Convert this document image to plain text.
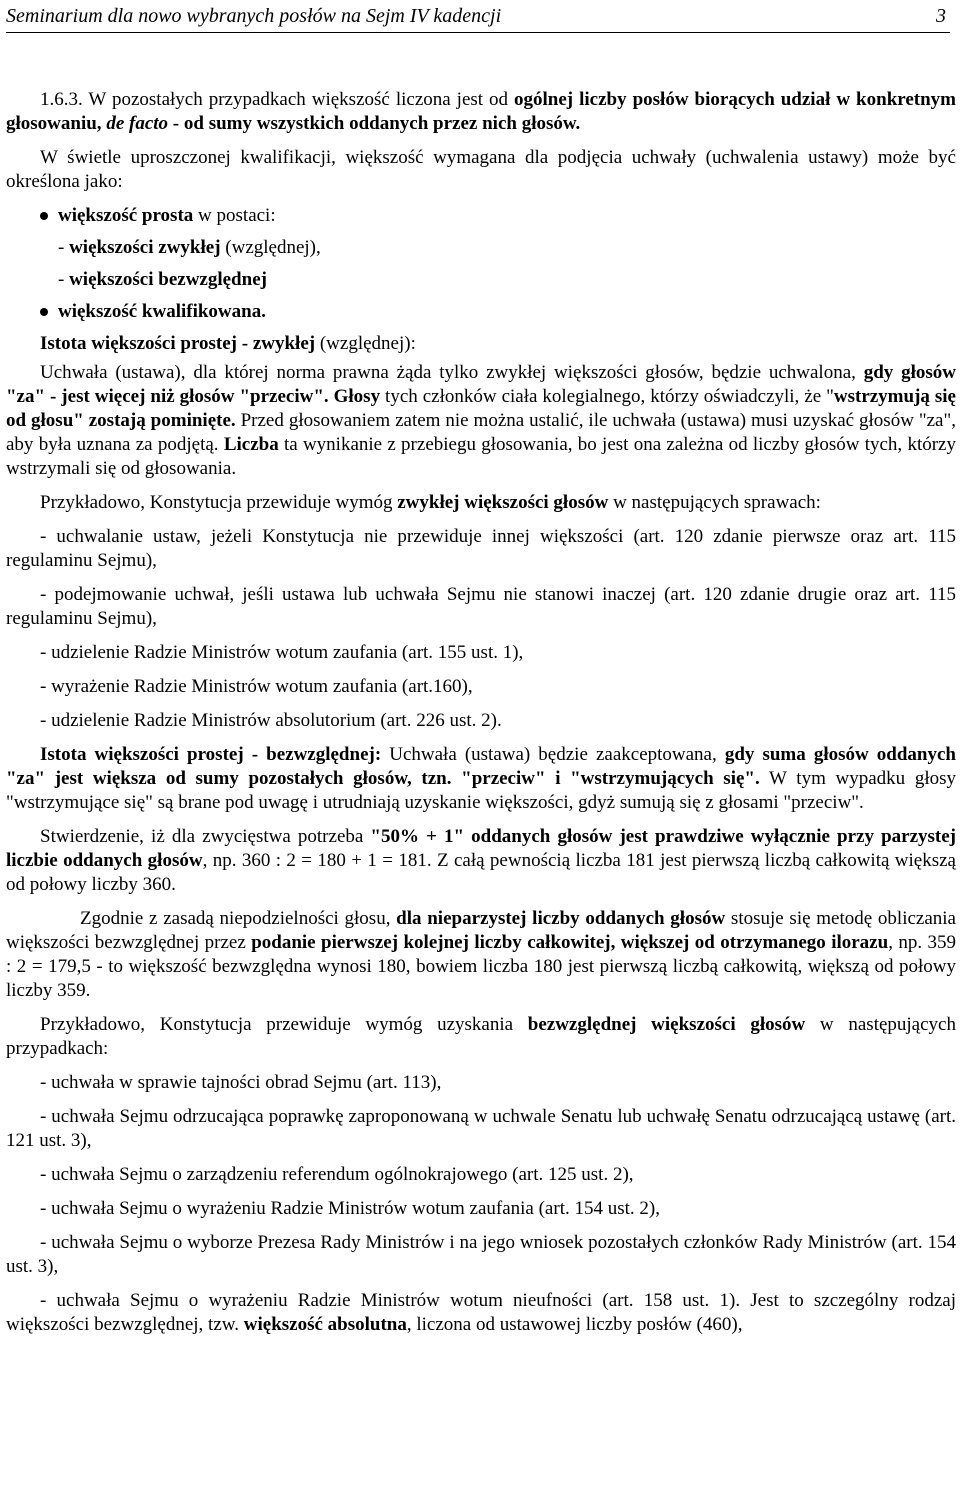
Seminarium dla nowo wybranych posłów na Sejm IV kadencji	3

1.6.3. W pozostałych przypadkach większość liczona jest od ogólnej liczby posłów biorących udział w konkretnym głosowaniu, de facto - od sumy wszystkich oddanych przez nich głosów.

W świetle uproszczonej kwalifikacji, większość wymagana dla podjęcia uchwały (uchwalenia ustawy) może być określona jako:

większość prosta w postaci:
- większości zwykłej (względnej),
- większości bezwzględnej
większość kwalifikowana.

Istota większości prostej - zwykłej (względnej):

Uchwała (ustawa), dla której norma prawna żąda tylko zwykłej większości głosów, będzie uchwalona, gdy głosów "za" - jest więcej niż głosów "przeciw". Głosy tych członków ciała kolegialnego, którzy oświadczyli, że "wstrzymują się od głosu" zostają pominięte. Przed głosowaniem zatem nie można ustalić, ile uchwała (ustawa) musi uzyskać głosów "za", aby była uznana za podjętą. Liczba ta wynikanie z przebiegu głosowania, bo jest ona zależna od liczby głosów tych, którzy wstrzymali się od głosowania.

Przykładowo, Konstytucja przewiduje wymóg zwykłej większości głosów w następujących sprawach:

- uchwalanie ustaw, jeżeli Konstytucja nie przewiduje innej większości (art. 120 zdanie pierwsze oraz art. 115 regulaminu Sejmu),

- podejmowanie uchwał, jeśli ustawa lub uchwała Sejmu nie stanowi inaczej (art. 120 zdanie drugie oraz art. 115 regulaminu Sejmu),

- udzielenie Radzie Ministrów wotum zaufania (art. 155 ust. 1),

- wyrażenie Radzie Ministrów wotum zaufania (art.160),

- udzielenie Radzie Ministrów absolutorium (art. 226 ust. 2).

Istota większości prostej - bezwzględnej: Uchwała (ustawa) będzie zaakceptowana, gdy suma głosów oddanych "za" jest większa od sumy pozostałych głosów, tzn. "przeciw" i "wstrzymujących się". W tym wypadku głosy "wstrzymujące się" są brane pod uwagę i utrudniają uzyskanie większości, gdyż sumują się z głosami "przeciw".

Stwierdzenie, iż dla zwycięstwa potrzeba "50% + 1" oddanych głosów jest prawdziwe wyłącznie przy parzystej liczbie oddanych głosów, np. 360 : 2 = 180 + 1 = 181. Z całą pewnością liczba 181 jest pierwszą liczbą całkowitą większą od połowy liczby 360.

Zgodnie z zasadą niepodzielności głosu, dla nieparzystej liczby oddanych głosów stosuje się metodę obliczania większości bezwzględnej przez podanie pierwszej kolejnej liczby całkowitej, większej od otrzymanego ilorazu, np. 359 : 2 = 179,5 - to większość bezwzględna wynosi 180, bowiem liczba 180 jest pierwszą liczbą całkowitą, większą od połowy liczby 359.

Przykładowo, Konstytucja przewiduje wymóg uzyskania bezwzględnej większości głosów w następujących przypadkach:

- uchwała w sprawie tajności obrad Sejmu (art. 113),

- uchwała Sejmu odrzucająca poprawkę zaproponowaną w uchwale Senatu lub uchwałę Senatu odrzucającą ustawę (art. 121 ust. 3),

- uchwała Sejmu o zarządzeniu referendum ogólnokrajowego (art. 125 ust. 2),

- uchwała Sejmu o wyrażeniu Radzie Ministrów wotum zaufania (art. 154 ust. 2),

- uchwała Sejmu o wyborze Prezesa Rady Ministrów i na jego wniosek pozostałych członków Rady Ministrów (art. 154 ust. 3),

- uchwała Sejmu o wyrażeniu Radzie Ministrów wotum nieufności (art. 158 ust. 1). Jest to szczególny rodzaj większości bezwzględnej, tzw. większość absolutna, liczona od ustawowej liczby posłów (460),
